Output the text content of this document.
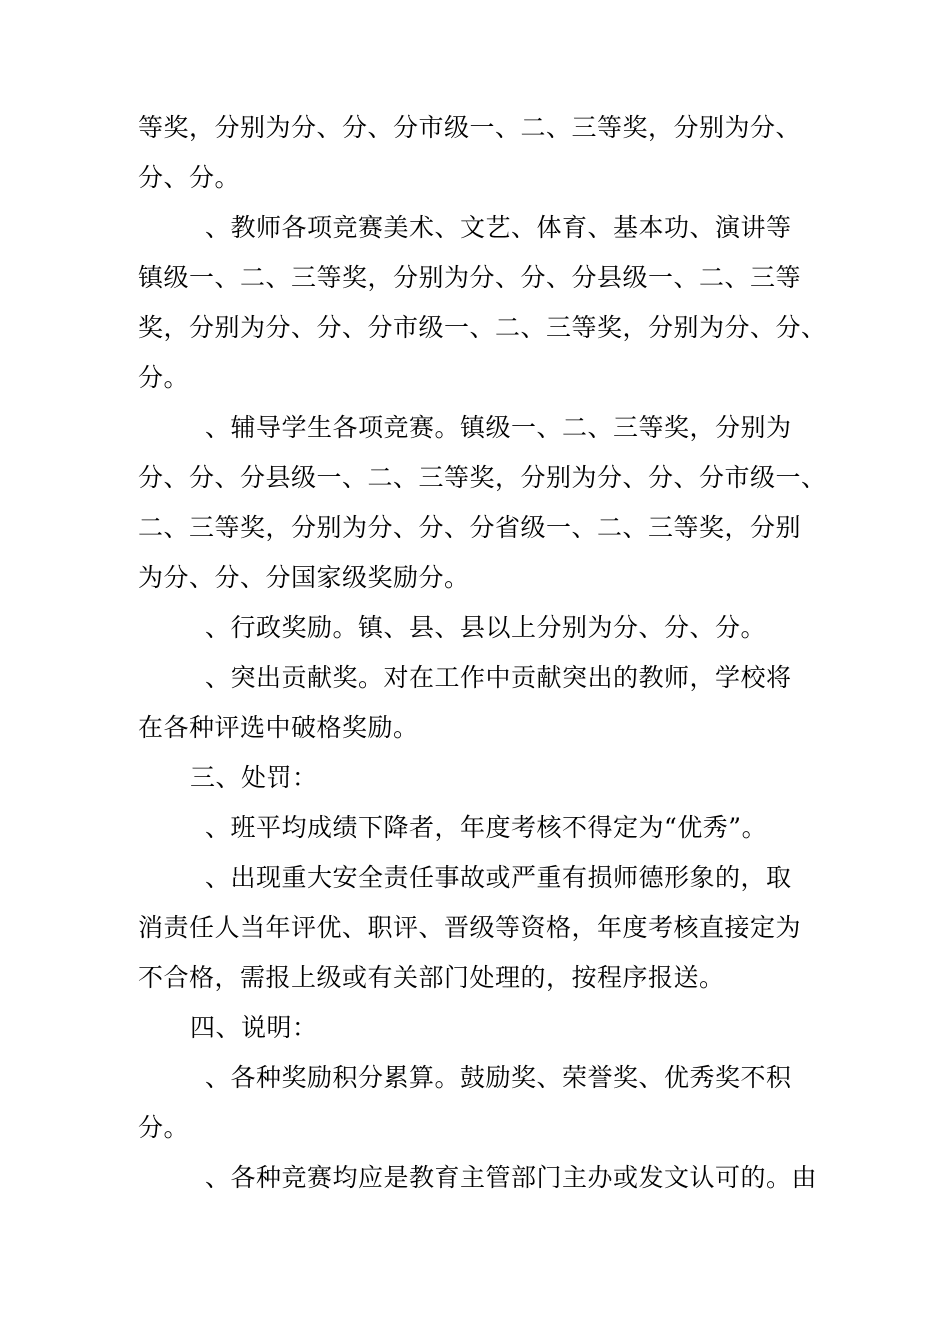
等奖，分别为分、分、分市级一、二、三等奖，分别为分、
分、分。
、教师各项竞赛美术、文艺、体育、基本功、演讲等
镇级一、二、三等奖，分别为分、分、分县级一、二、三等
奖，分别为分、分、分市级一、二、三等奖，分别为分、分、
分。
、辅导学生各项竞赛。镇级一、二、三等奖，分别为
分、分、分县级一、二、三等奖，分别为分、分、分市级一、
二、三等奖，分别为分、分、分省级一、二、三等奖，分别
为分、分、分国家级奖励分。
、行政奖励。镇、县、县以上分别为分、分、分。
、突出贡献奖。对在工作中贡献突出的教师，学校将
在各种评选中破格奖励。
三、处罚：
、班平均成绩下降者，年度考核不得定为“优秀”。
、出现重大安全责任事故或严重有损师德形象的，取
消责任人当年评优、职评、晋级等资格，年度考核直接定为
不合格，需报上级或有关部门处理的，按程序报送。
四、说明：
、各种奖励积分累算。鼓励奖、荣誉奖、优秀奖不积
分。
、各种竞赛均应是教育主管部门主办或发文认可的。由
